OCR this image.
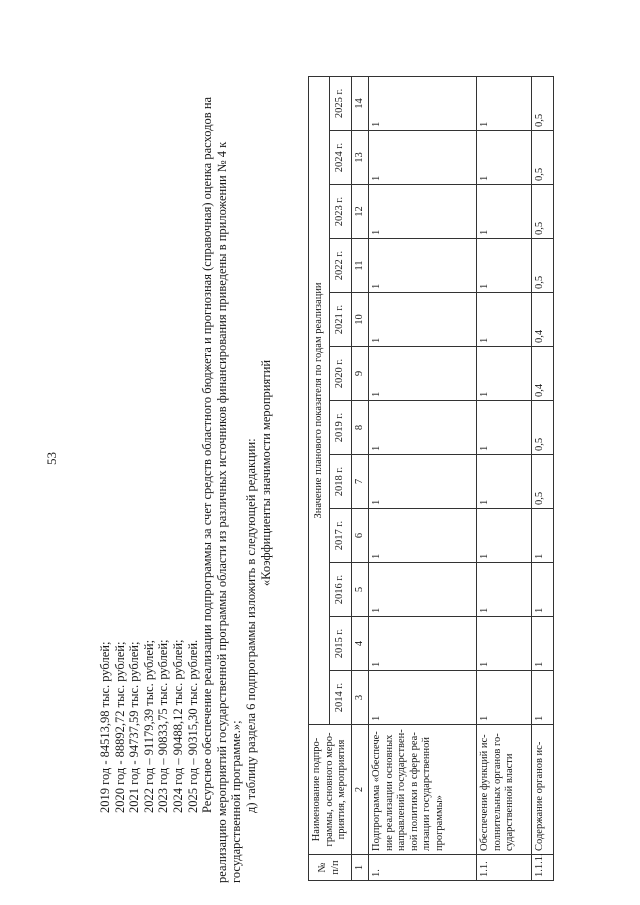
53

2019 год - 84513,98 тыс. рублей; 2020 год - 88892,72 тыс. рублей; 2021 год - 94737,59 тыс. рублей; 2022 год – 91179,39 тыс. рублей; 2023 год – 90833,75 тыс. рублей; 2024 год – 90488,12 тыс. рублей; 2025 год – 90315,30 тыс. рублей. Ресурсное обеспечение реализации подпрограммы за счет средств областного бюджета и прогнозная (справочная) оценка расходов на реализацию мероприятий государственной программы области из различных источников финансирования приведены в приложении № 4 к государственной программе.»; д) таблицу раздела 6 подпрограммы изложить в следующей редакции: «Коэффициенты значимости мероприятий

№ п/п	Наименование подпро-граммы, основного меро-приятия, мероприятия	Значение планового показателя по годам реализации											
		2014 г.	2015 г.	2016 г.	2017 г.	2018 г.	2019 г.	2020 г.	2021 г.	2022 г.	2023 г.	2024 г.	2025 г.
1	2	3	4	5	6	7	8	9	10	11	12	13	14
1.	Подпрограмма «Обеспече-ние реализации основных направлений государствен-ной политики в сфере реа-лизации государственной программы»	1	1	1	1	1	1	1	1	1	1	1	1
1.1.	Обеспечение функций ис-полнительных органов го-сударственной власти	1	1	1	1	1	1	1	1	1	1	1	1
1.1.1.	Содержание органов ис-	1	1	1	1	0,5	0,5	0,4	0,4	0,5	0,5	0,5	0,5
